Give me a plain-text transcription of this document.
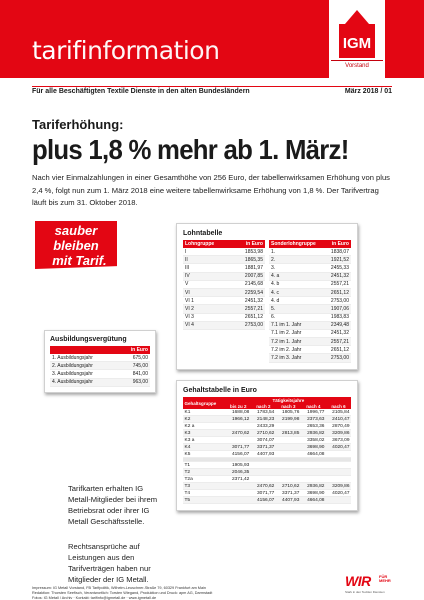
tarifinformation	IGM
Vorstand
Für alle Beschäftigten Textile Dienste in den alten Bundesländern	März 2018 / 01
Tariferhöhung:
plus 1,8 % mehr ab 1. März!
Nach vier Einmalzahlungen in einer Gesamthöhe von 256 Euro, der tabellenwirksamen Erhöhung von plus 2,4 %, folgt nun zum 1. März 2018 eine weitere tabellenwirksame Erhöhung von 1,8 %. Der Tarifvertrag läuft bis zum 31. Oktober 2018.
sauber
bleiben
mit Tarif.
Lohntabelle
Lohngruppe	in Euro
I	1853,98
II	1865,35
III	1881,97
IV	2007,85
V	2145,68
VI	2259,54
VI 1	2451,32
VI 2	2557,21
VI 3	2651,12
VI 4	2753,00
Sonderlohngruppe	in Euro
1.	1838,07
2.	1921,52
3.	2455,33
4. a	2451,32
4. b	2557,21
4. c	2651,12
4. d	2753,00
5.	1907,06
6.	1983,83
7.1 im 1. Jahr	2349,48
7.1 im 2. Jahr	2451,32
7.2 im 1. Jahr	2557,21
7.2 im 2. Jahr	2651,12
7.2 im 3. Jahr	2753,00
Ausbildungsvergütung
	in Euro
1. Ausbildungsjahr	675,00
2. Ausbildungsjahr	745,00
3. Ausbildungsjahr	841,00
4. Ausbildungsjahr	963,00
Gehaltstabelle in Euro
Gehaltsgruppe	Tätigkeitsjahre				
	bis zu 2	nach 2	nach 3	nach 4	nach 6
K1	1688,08	1783,54	1805,76	1996,77	2105,84
K2	1966,12	2148,23	2199,98	2373,63	2410,47
K2 a		2433,29		2653,36	2870,49
K3	2470,62	2710,62	2813,85	2936,82	3209,86
K3 a		3074,07		3358,02	3673,09
K4	3071,77	3371,37		3698,90	4020,47
K5	4156,07	4407,93		4664,08	

T1	1905,93				
T2	2046,35				
T2a	2371,42				
T3		2470,62	2710,62	2936,82	3209,86
T4		3071,77	3371,37	3698,90	4020,47
T5		4156,07	4407,93	4664,08	
Tarifkarten erhalten IG Metall-Mitglieder bei ihrem Betriebsrat oder ihrer IG Metall Geschäftsstelle.
Rechtsansprüche auf Leistungen aus den Tarifverträgen haben nur Mitglieder der IG Metall.
Impressum: IG Metall Vorstand, FB Tarifpolitik, Wilhelm-Leuschner-Straße 79, 60329 Frankfurt am Main
Redaktion: Thorsten Seefisch, Verantwortlich: Torsten Wiegand, Produktion und Druck: apm AG, Darmstadt
Fotos: IG Metall / Archiv · Kontakt: tarifinfo@igmetall.de · www.igmetall.de
WIR FÜR
MEHR
Stark in den Textilen Diensten
